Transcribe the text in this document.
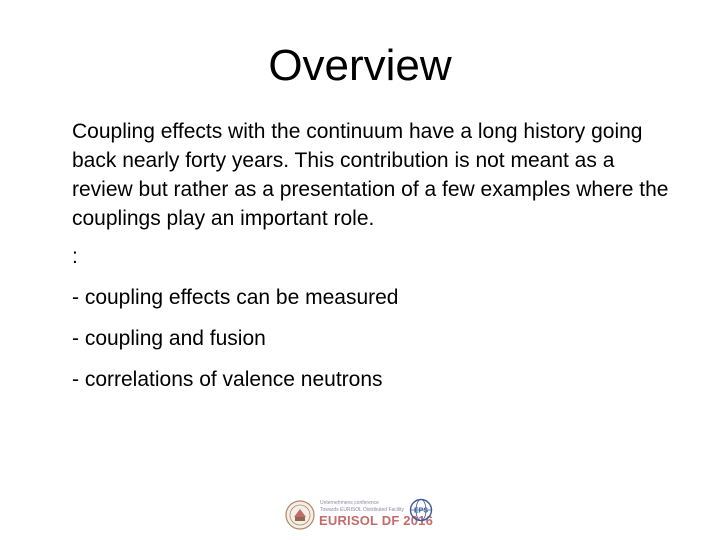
Overview

Coupling effects with the continuum have a long history going back nearly forty years. This contribution is not meant as a review but rather as a presentation of a few examples where the couplings play an important role.

:

- coupling effects can be measured

- coupling and fusion

- correlations of valence neutrons

Unternehmens conference
Towards EURISOL Distributed Facility
EURISOL DF 2016
EPS
